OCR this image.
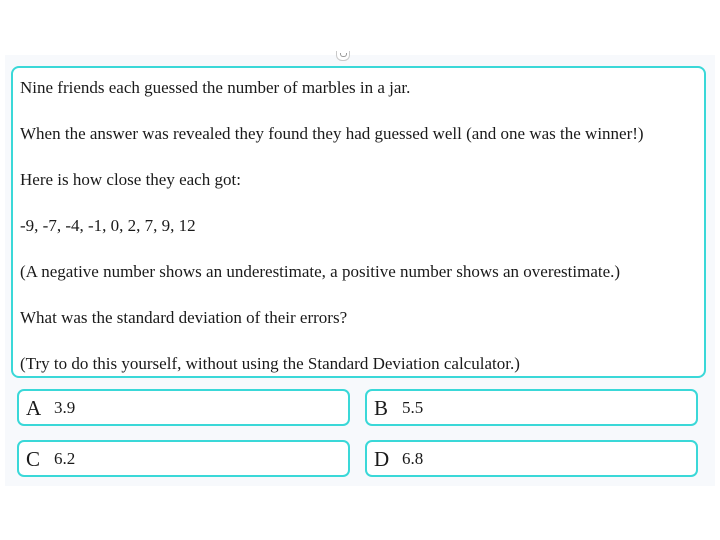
Nine friends each guessed the number of marbles in a jar.
When the answer was revealed they found they had guessed well (and one was the winner!)
Here is how close they each got:
-9, -7, -4, -1, 0, 2, 7, 9, 12
(A negative number shows an underestimate, a positive number shows an overestimate.)
What was the standard deviation of their errors?
(Try to do this yourself, without using the Standard Deviation calculator.)
A 3.9	B 5.5
C 6.2	D 6.8
